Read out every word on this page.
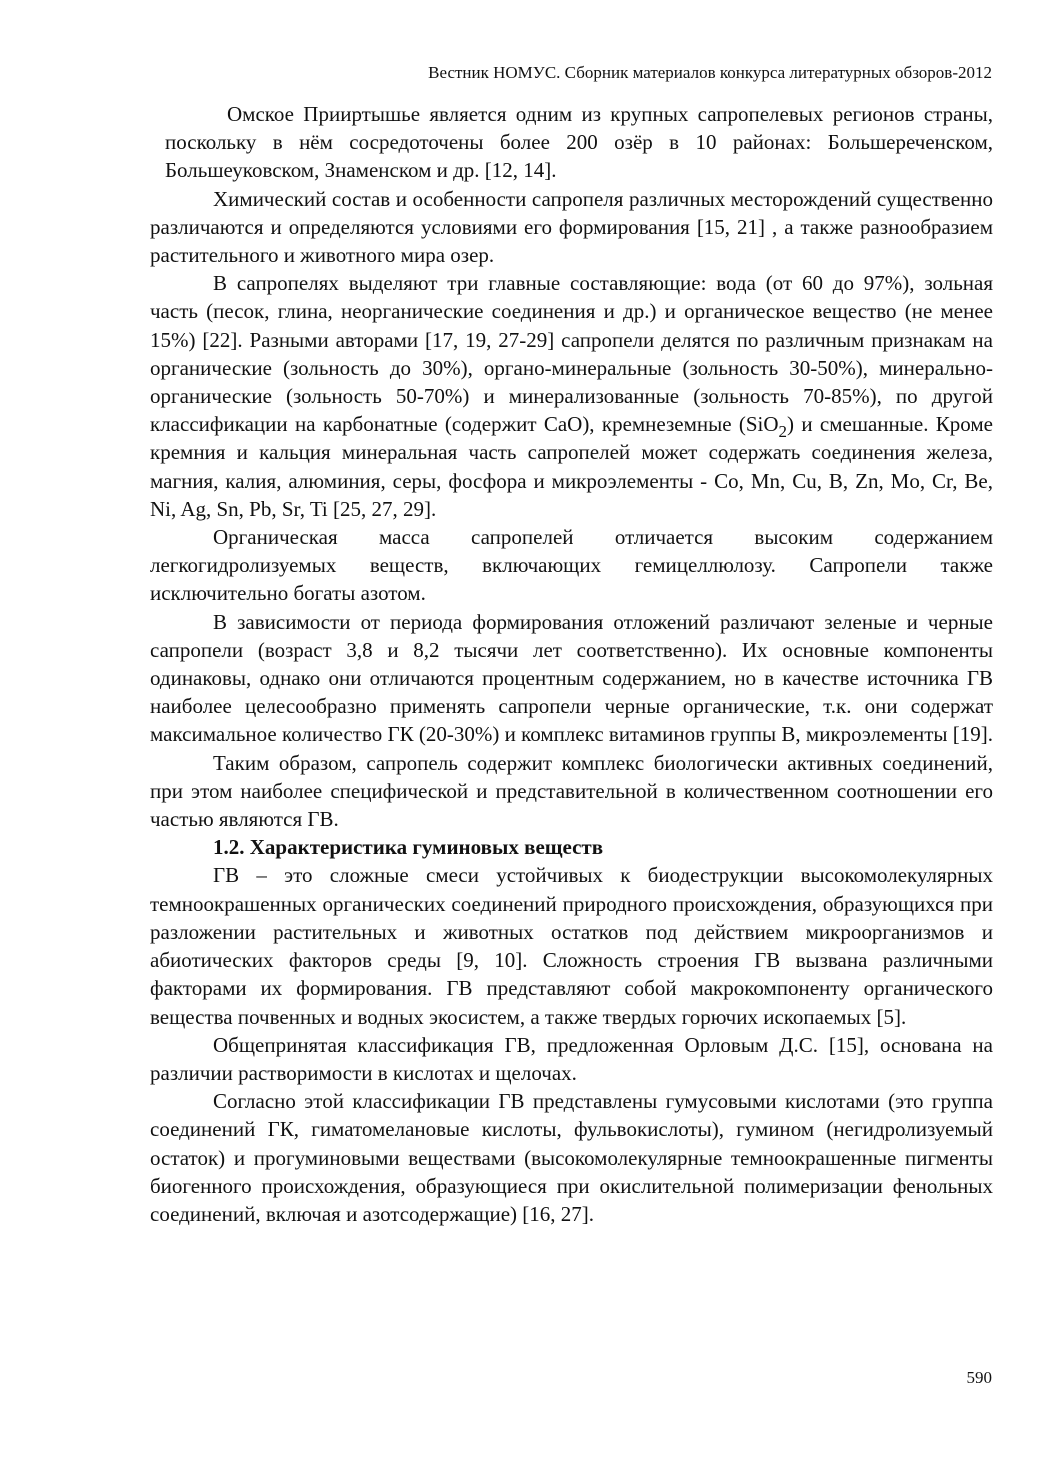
Вестник НОМУС. Сборник материалов конкурса литературных обзоров-2012

Омское Прииртышье является одним из крупных сапропелевых регионов страны, поскольку в нём сосредоточены более 200 озёр в 10 районах: Большереченском, Большеуковском, Знаменском и др. [12, 14].

Химический состав и особенности сапропеля различных месторождений существенно различаются и определяются условиями его формирования [15, 21] , а также разнообразием растительного и животного мира озер.

В сапропелях выделяют три главные составляющие: вода (от 60 до 97%), зольная часть (песок, глина, неорганические соединения и др.) и органическое вещество (не менее 15%) [22]. Разными авторами [17, 19, 27-29] сапропели делятся по различным признакам на органические (зольность до 30%), органо-минеральные (зольность 30-50%), минерально-органические (зольность 50-70%) и минерализованные (зольность 70-85%), по другой классификации на карбонатные (содержит СаО), кремнеземные (SiO$_2$) и смешанные. Кроме кремния и кальция минеральная часть сапропелей может содержать соединения железа, магния, калия, алюминия, серы, фосфора и микроэлементы - Co, Mn, Cu, B, Zn, Mo, Cr, Be, Ni, Ag, Sn, Pb, Sr, Ti [25, 27, 29].

Органическая масса сапропелей отличается высоким содержанием легкогидролизуемых веществ, включающих гемицеллюлозу. Сапропели также исключительно богаты азотом.

В зависимости от периода формирования отложений различают зеленые и черные сапропели (возраст 3,8 и 8,2 тысячи лет соответственно). Их основные компоненты одинаковы, однако они отличаются процентным содержанием, но в качестве источника ГВ наиболее целесообразно применять сапропели черные органические, т.к. они содержат максимальное количество ГК (20-30%) и комплекс витаминов группы В, микроэлементы [19].

Таким образом, сапропель содержит комплекс биологически активных соединений, при этом наиболее специфической и представительной в количественном соотношении его частью являются ГВ.

1.2. Характеристика гуминовых веществ

ГВ – это сложные смеси устойчивых к биодеструкции высокомолекулярных темноокрашенных органических соединений природного происхождения, образующихся при разложении растительных и животных остатков под действием микроорганизмов и абиотических факторов среды [9, 10]. Сложность строения ГВ вызвана различными факторами их формирования. ГВ представляют собой макрокомпоненту органического вещества почвенных и водных экосистем, а также твердых горючих ископаемых [5].

Общепринятая классификация ГВ, предложенная Орловым Д.С. [15], основана на различии растворимости в кислотах и щелочах.

Согласно этой классификации ГВ представлены гумусовыми кислотами (это группа соединений ГК, гиматомелановые кислоты, фульвокислоты), гумином (негидролизуемый остаток) и прогуминовыми веществами (высокомолекулярные темноокрашенные пигменты биогенного происхождения, образующиеся при окислительной полимеризации фенольных соединений, включая и азотсодержащие) [16, 27].

590
